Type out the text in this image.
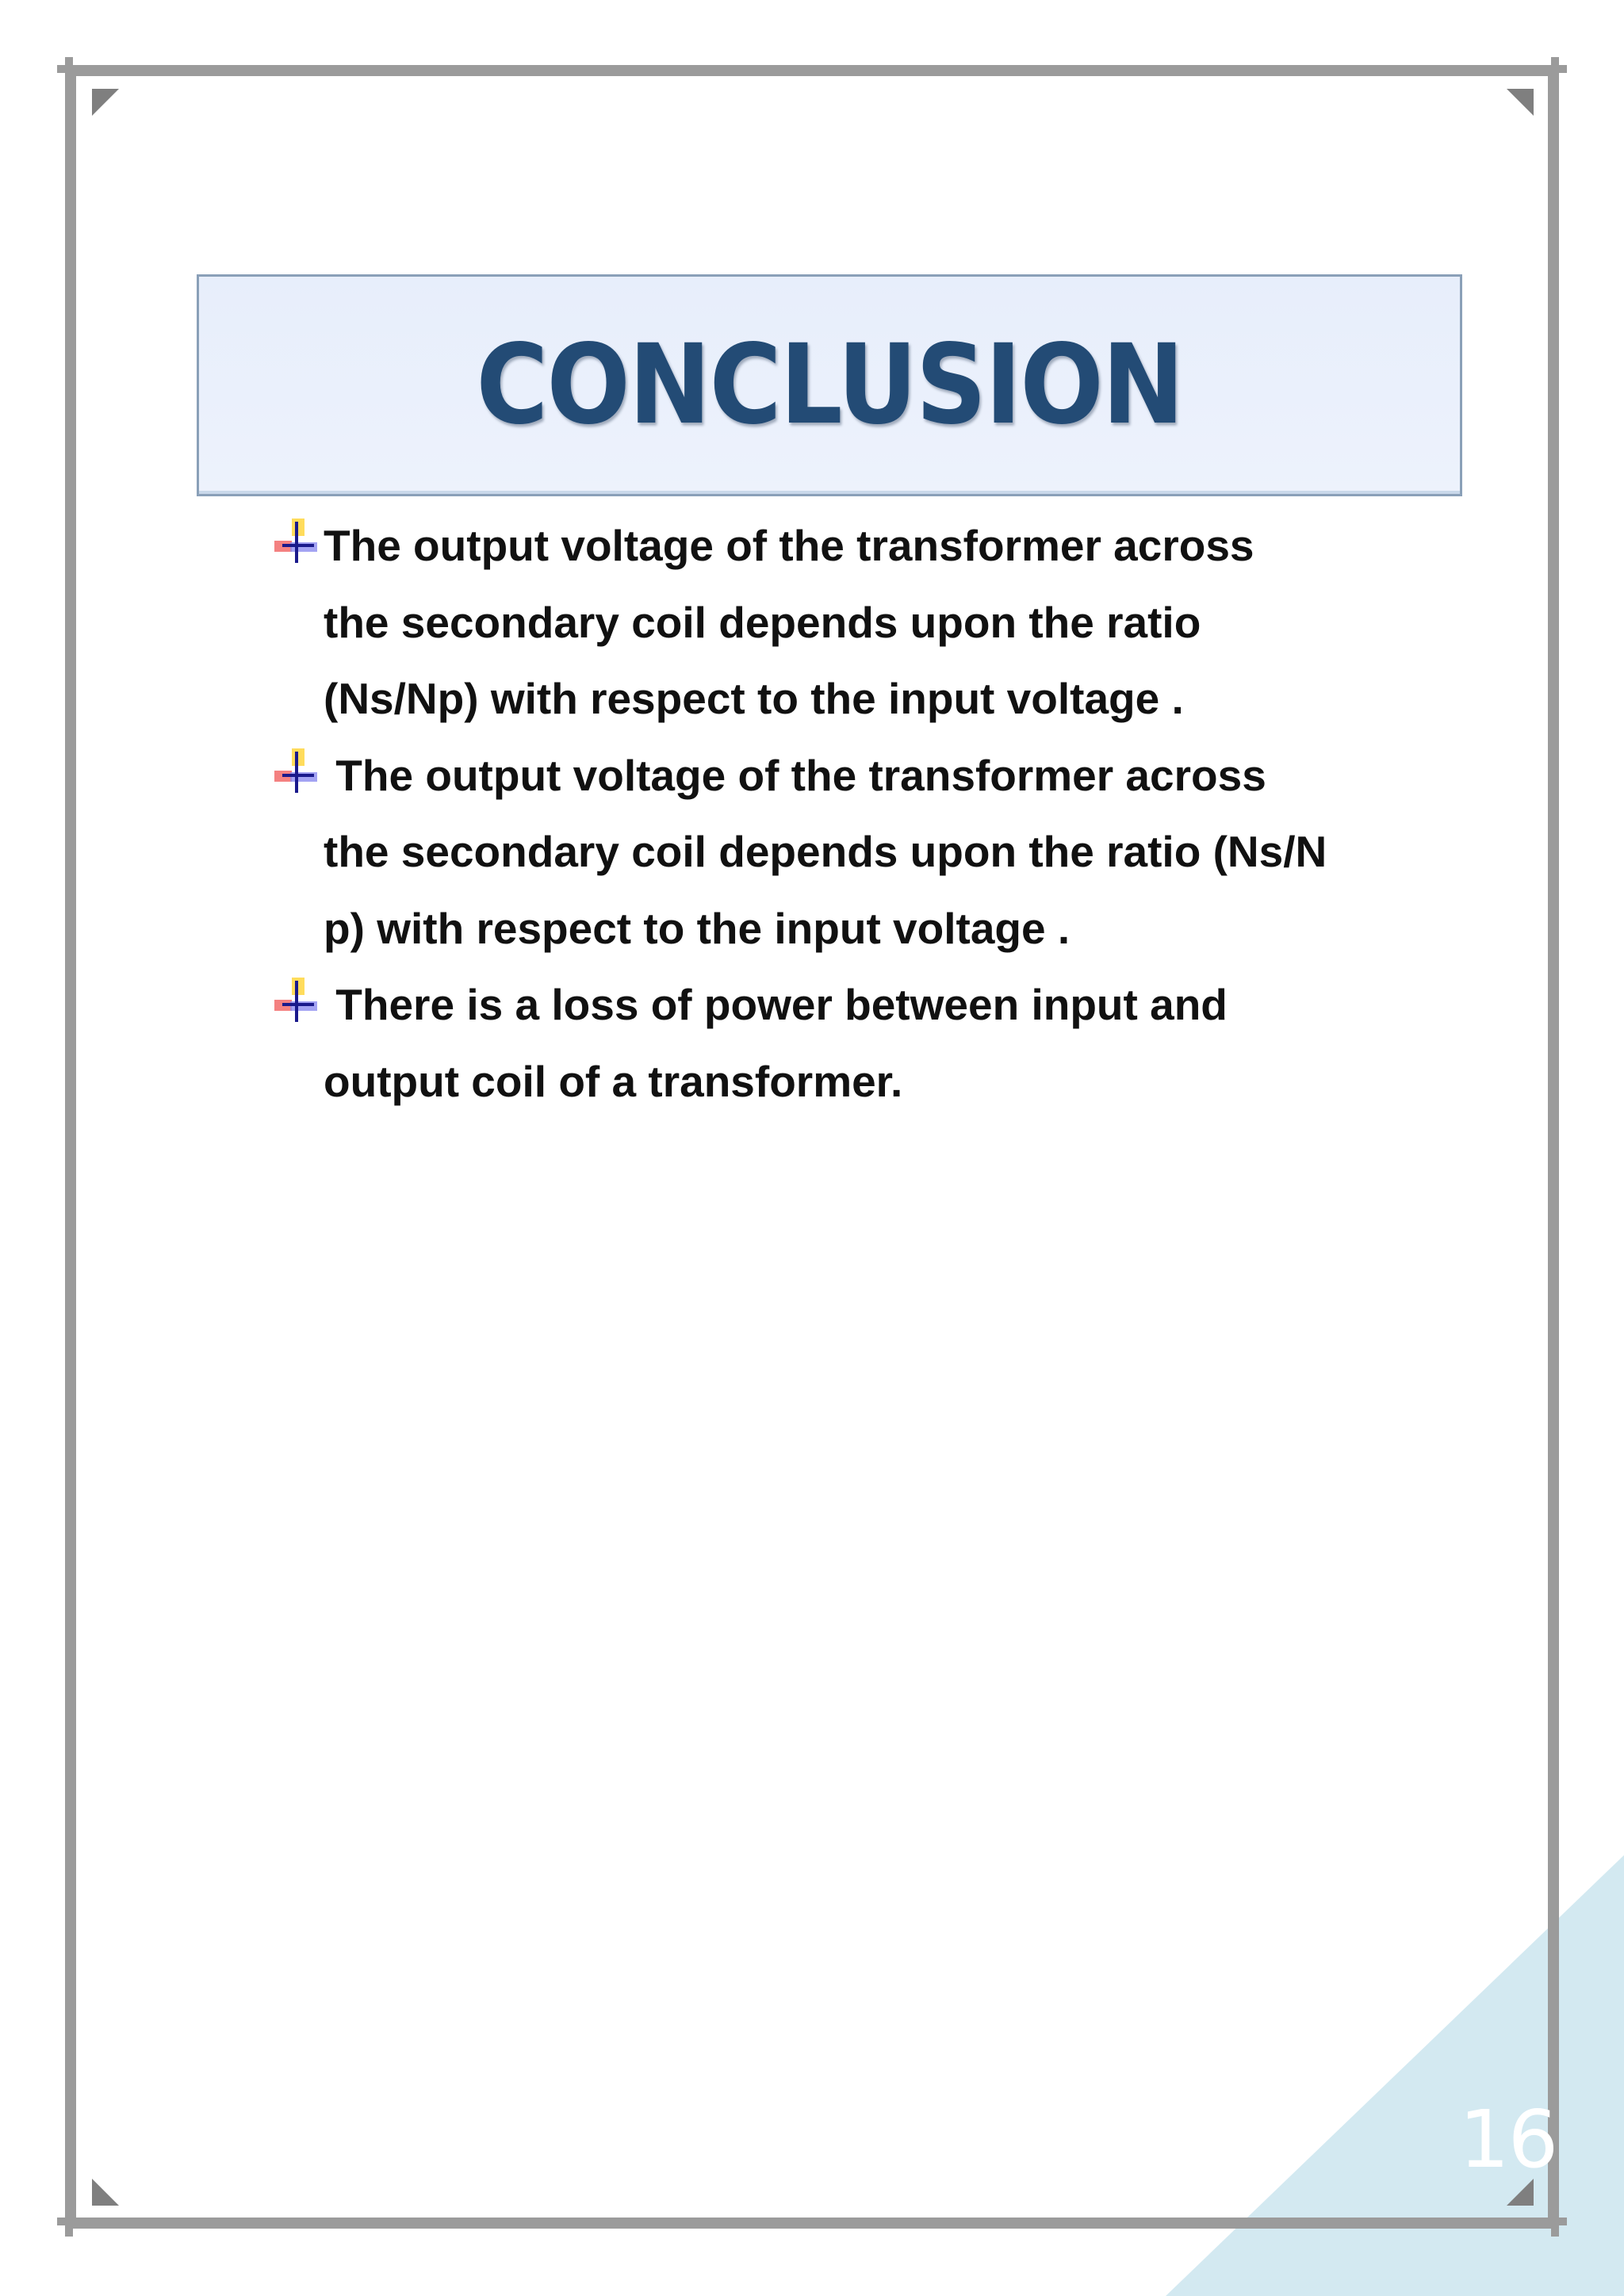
CONCLUSION
The output voltage of the transformer across
the secondary coil depends upon the ratio
(Ns/Np) with respect to the input voltage .
The output voltage of the transformer across
the secondary coil depends upon the ratio (Ns/N
p) with respect to the input voltage .
There is a loss of power between input and
output coil of a transformer.
16
